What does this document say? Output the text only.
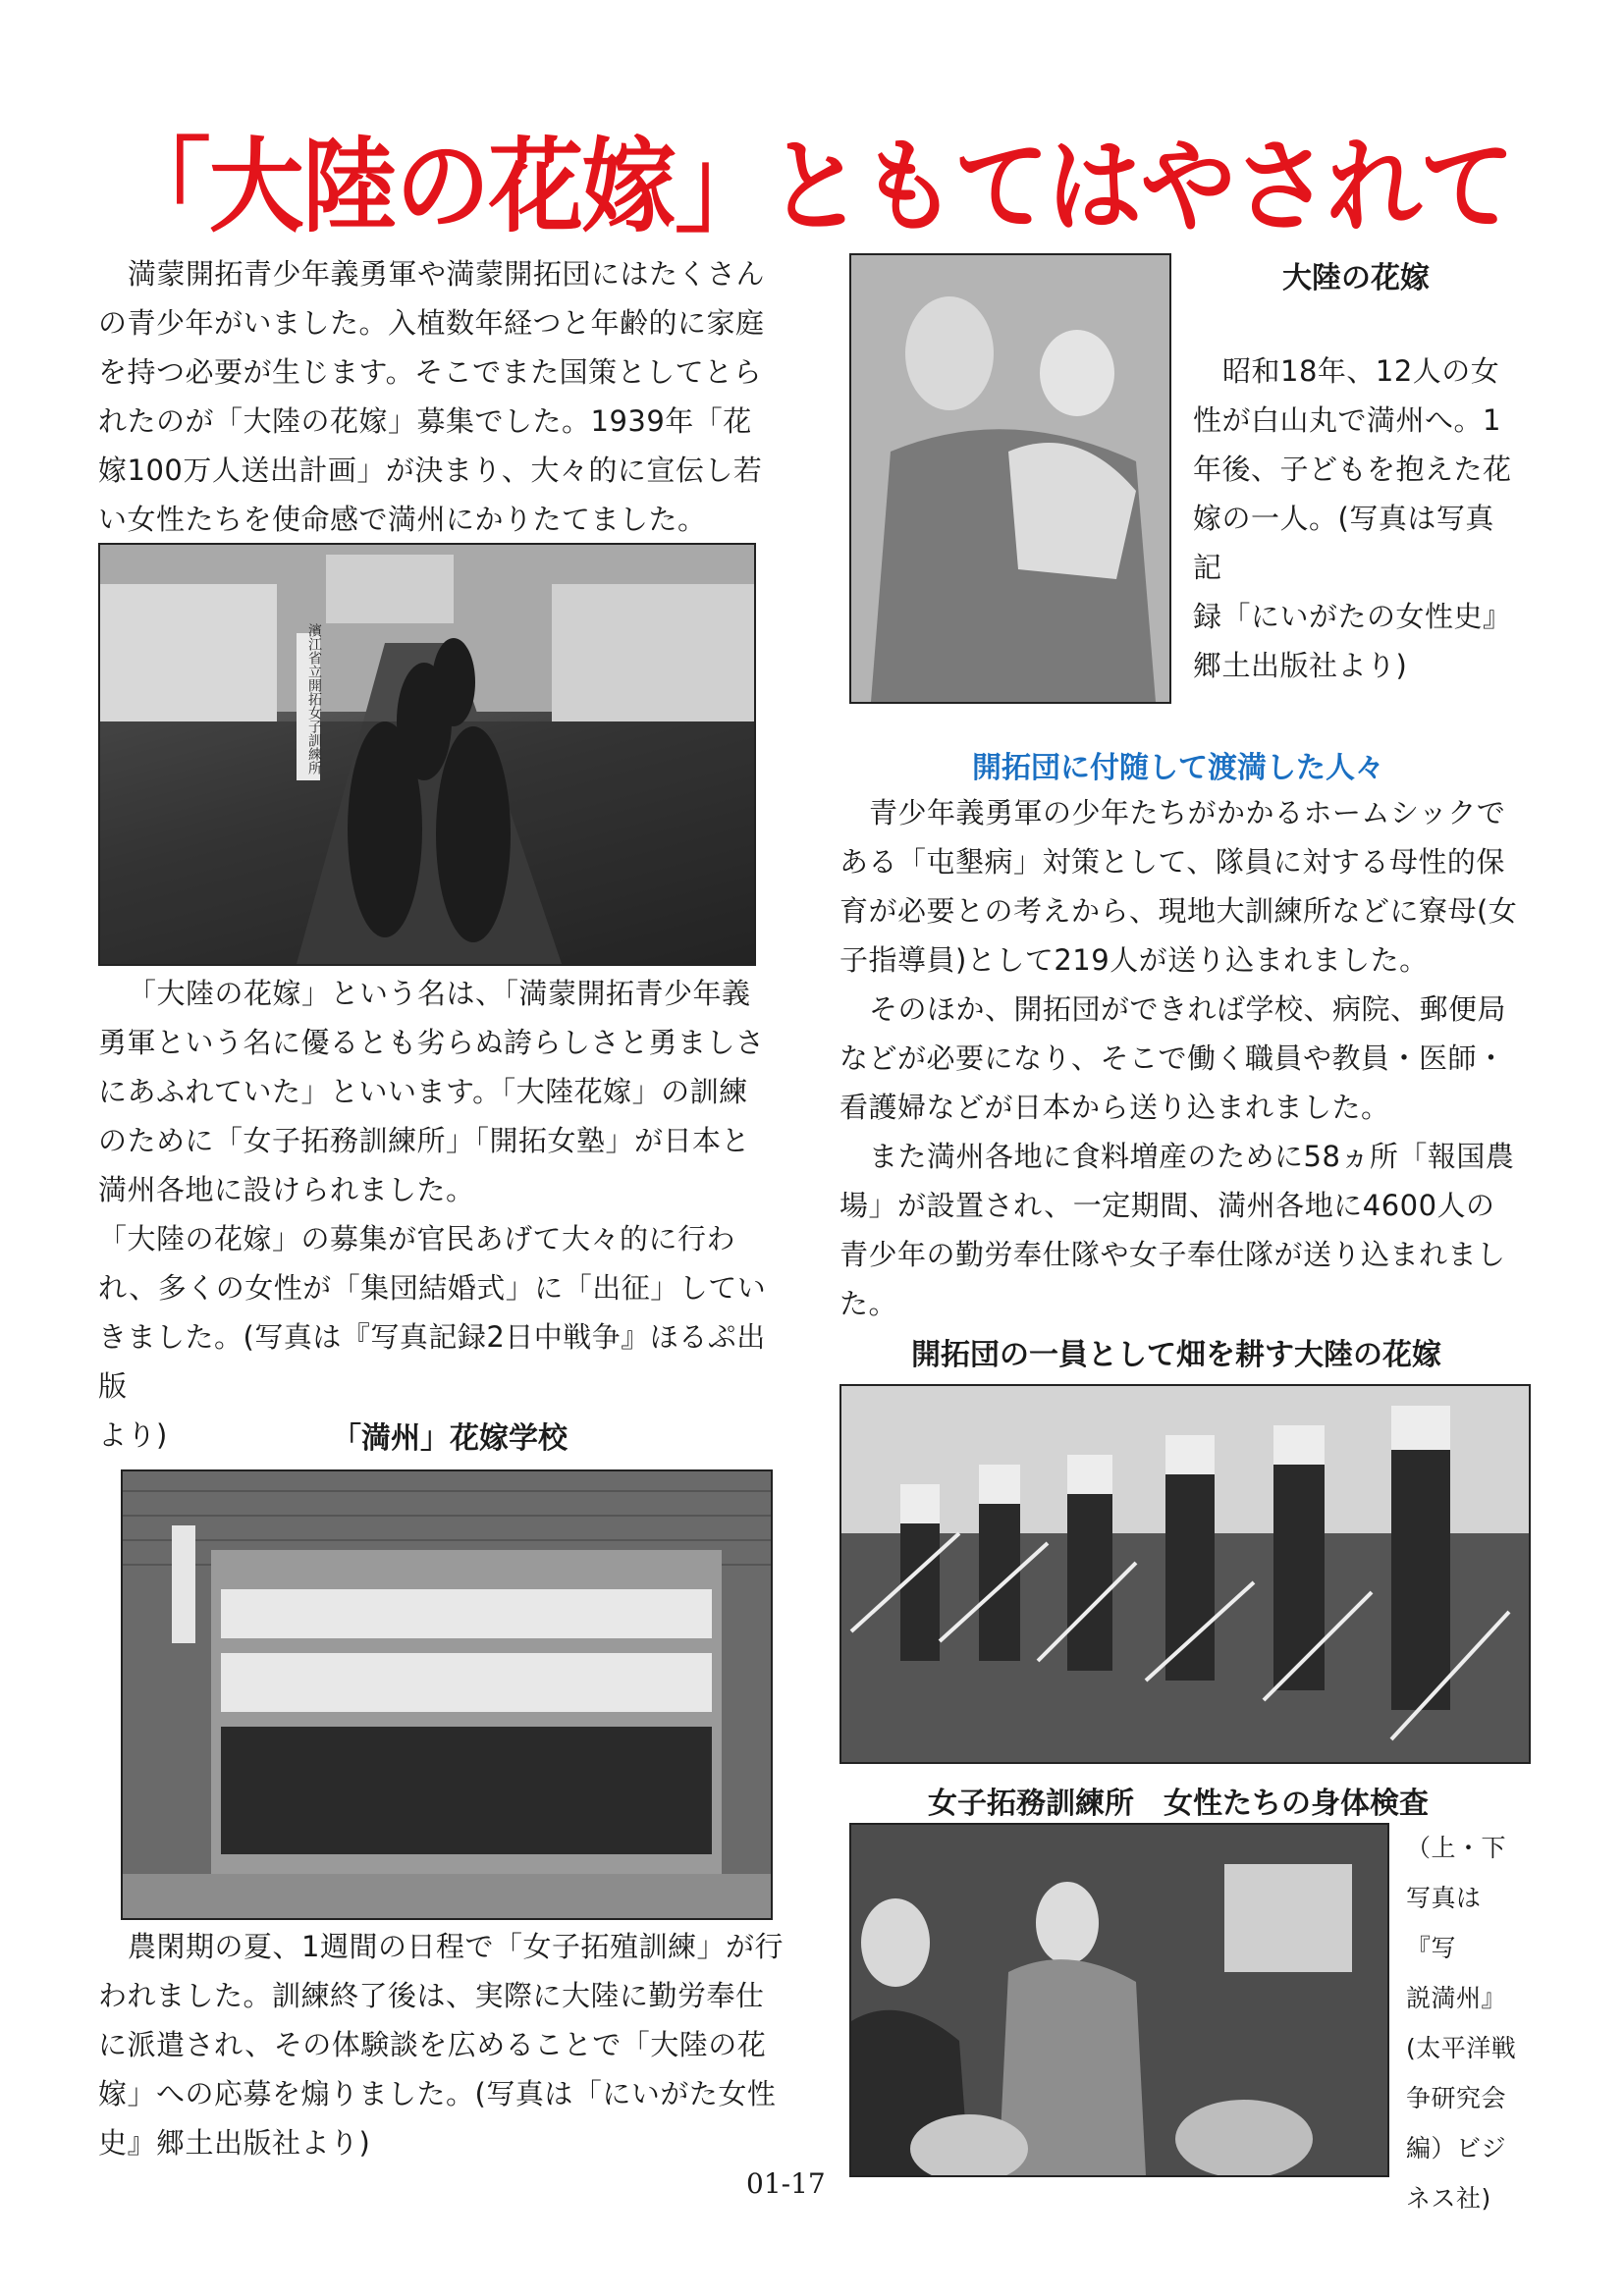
「大陸の花嫁」ともてはやされて

満蒙開拓青少年義勇軍や満蒙開拓団にはたくさん

の青少年がいました。入植数年経つと年齢的に家庭

を持つ必要が生じます。そこでまた国策としてとら

れたのが「大陸の花嫁」募集でした。1939年「花

嫁100万人送出計画」が決まり、大々的に宣伝し若

い女性たちを使命感で満州にかりたてました。

濱江省立開拓女子訓練所

「大陸の花嫁」という名は、「満蒙開拓青少年義

勇軍という名に優るとも劣らぬ誇らしさと勇ましさ

にあふれていた」といいます。「大陸花嫁」の訓練

のために「女子拓務訓練所」「開拓女塾」が日本と

満州各地に設けられました。

「大陸の花嫁」の募集が官民あげて大々的に行わ

れ、多くの女性が「集団結婚式」に「出征」してい

きました。(写真は『写真記録2日中戦争』ほるぷ出版

より)	「満州」花嫁学校

農閑期の夏、1週間の日程で「女子拓殖訓練」が行

われました。訓練終了後は、実際に大陸に勤労奉仕

に派遣され、その体験談を広めることで「大陸の花

嫁」への応募を煽りました。(写真は「にいがた女性

史』郷土出版社より)

01-17
大陸の花嫁

昭和18年、12人の女

性が白山丸で満州へ。1

年後、子どもを抱えた花

嫁の一人。(写真は写真記

録「にいがたの女性史』

郷土出版社より)

開拓団に付随して渡満した人々

青少年義勇軍の少年たちがかかるホームシックで

ある「屯墾病」対策として、隊員に対する母性的保

育が必要との考えから、現地大訓練所などに寮母(女

子指導員)として219人が送り込まれました。

そのほか、開拓団ができれば学校、病院、郵便局

などが必要になり、そこで働く職員や教員・医師・

看護婦などが日本から送り込まれました。

また満州各地に食料増産のために58ヵ所「報国農

場」が設置され、一定期間、満州各地に4600人の

青少年の勤労奉仕隊や女子奉仕隊が送り込まれまし

た。

開拓団の一員として畑を耕す大陸の花嫁
女子拓務訓練所　女性たちの身体検査

（上・下

写真は『写

説満州』

(太平洋戦

争研究会

編）ビジ

ネス社)
